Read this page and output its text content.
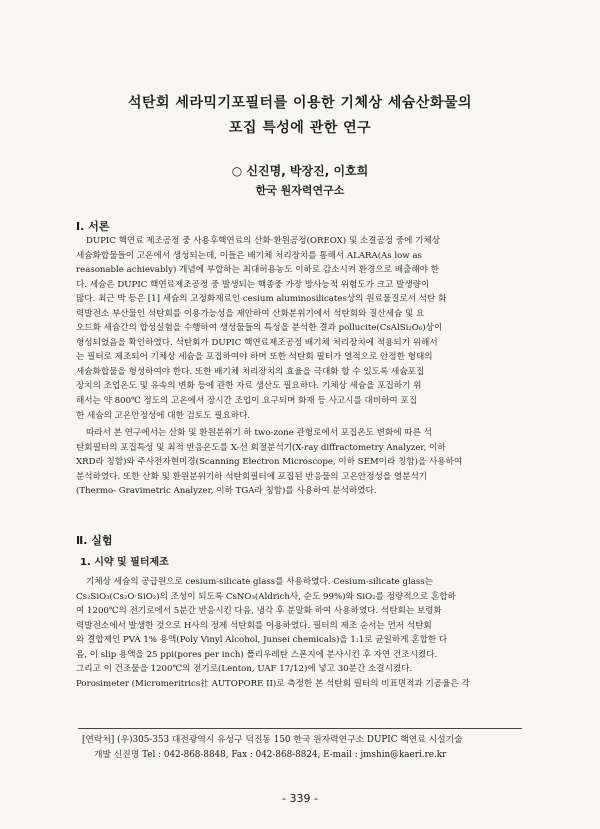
석탄회 세라믹기포필터를 이용한 기체상 세슘산화물의
포집 특성에 관한 연구
○ 신진명, 박장진, 이호희
한국 원자력연구소
Ⅰ. 서론
DUPIC 핵연료 제조공정 중 사용후핵연료의 산화·환원공정(OREOX) 및 소결공정 중에 기체상
세슘화합물들이 고온에서 생성되는데, 이들은 배기체 처리장치를 통해서 ALARA(As low as
reasonable achievably) 개념에 부합하는 최대허용농도 이하로 감소시켜 환경으로 배출해야 한
다. 세슘은 DUPIC 핵연료제조공정 중 발생되는 핵종중 가장 방사능적 위험도가 크고 발생량이
많다. 최근 박 등은 [1] 세슘의 고정화재료인 cesium aluminosilicates상의 원료물질로서 석탄 화
력발전소 부산물인 석탄회를 이용가능성을 제안하여 산화분위기에서 석탄회와 질산세슘 및 요
오드화 세슘간의 합성실험을 수행하여 생성물들의 특성을 분석한 결과 pollucite(CsAlSi₂O₆)상이
형성되었음을 확인하였다. 석탄회가 DUPIC 핵연료제조공정 배기체 처리장치에 적용되기 위해서
는 필터로 제조되어 기체상 세슘을 포집하여야 하며 또한 석탄회 필터가 열적으로 안정한 형태의
세슘화합물을 형성하여야 한다. 또한 배기체 처리장치의 효율을 극대화 할 수 있도록 세슘포집
장치의 조업온도 및 유속의 변화 등에 관한 자료 생산도 필요하다. 기체상 세슘을 포집하기 위
해서는 약 800℃ 정도의 고온에서 장시간 조업이 요구되며 화재 등 사고시를 대비하여 포집
한 세슘의 고온안정성에 대한 검토도 필요하다.
따라서 본 연구에서는 산화 및 환원분위기 하 two-zone 관형로에서 포집온도 변화에 따른 석
탄회필터의 포집특성 및 최적 반응온도를 X-선 회절분석기(X-ray diffractometry Analyzer, 이하
XRD라 칭함)와 주사전자현미경(Scanning Electron Microscope, 이하 SEM이라 칭함)을 사용하여
분석하였다. 또한 산화 및 환원분위기하 석탄회필터에 포집된 반응물의 고온안정성을 열분석기
(Thermo- Gravimetric Analyzer, 이하 TGA라 칭함)를 사용하여 분석하였다.
Ⅱ. 실험
1. 시약 및 필터제조
기체상 세슘의 공급원으로 cesium-silicate glass를 사용하였다. Cesium-silicate glass는
Cs₂SiO₃(Cs₂O·SiO₂)의 조성이 되도록 CsNO₃(Aldrich사, 순도 99%)와 SiO₂를 정량적으로 혼합하
여 1200℃의 전기로에서 5분간 반응시킨 다음, 냉각 후 분말화 하여 사용하였다. 석탄회는 보령화
력발전소에서 발생한 것으로 H사의 정제 석탄회를 이용하였다. 필터의 제조 순서는 먼저 석탄회
와 결합제인 PVA 1% 용액(Poly Vinyl Alcohol, Junsei chemicals)을 1:1로 균일하게 혼합한 다
음, 이 slip 용액을 25 ppi(pores per inch) 폴리우레탄 스폰지에 분사시킨 후 자연 건조시켰다.
그리고 이 건조물을 1200℃의 전기로(Lenton, UAF 17/12)에 넣고 30분간 소결시켰다.
Porosimeter (Micromeritrics社 AUTOPORE II)로 측정한 본 석탄회 필터의 비표면적과 기공율은 각
[연락처] (우)305-353 대전광역시 유성구 덕진동 150 한국 원자력연구소 DUPIC 핵연료 시설기술
개발 신진명 Tel : 042-868-8848, Fax : 042-868-8824, E-mail : jmshin@kaeri.re.kr
- 339 -
